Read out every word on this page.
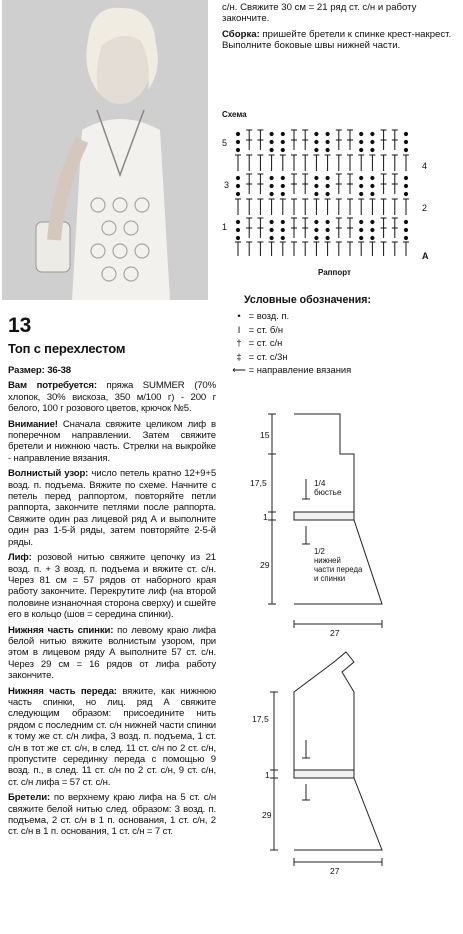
13
Топ с перехлестом

Размер: 36-38

Вам потребуется: пряжа SUMMER (70% хлопок, 30% вискоза, 350 м/100 г) - 200 г белого, 100 г розового цветов, крючок №5.

Внимание! Сначала свяжите целиком лиф в поперечном направлении. Затем свяжите бретели и нижнюю часть. Стрелки на выкройке - направление вязания.

Волнистый узор: число петель кратно 12+9+5 возд. п. подъема. Вяжите по схеме. Начните с петель перед раппортом, повторяйте петли раппорта, закончите петлями после раппорта. Свяжите один раз лицевой ряд А и выполните один раз 1-5-й ряды, затем повторяйте 2-5-й ряды.

Лиф: розовой нитью свяжите цепочку из 21 возд. п. + 3 возд. п. подъема и вяжите ст. с/н. Через 81 см = 57 рядов от наборного края работу закончите. Перекрутите лиф (на второй половине изнаночная сторона сверху) и сшейте его в кольцо (шов = середина спинки).

Нижняя часть спинки: по левому краю лифа белой нитью вяжите волнистым узором, при этом в лицевом ряду А выполните 57 ст. с/н. Через 29 см = 16 рядов от лифа работу закончите.

Нижняя часть переда: вяжите, как нижнюю часть спинки, но лиц. ряд А свяжите следующим образом: присоедините нить рядом с последним ст. с/н нижней части спинки к тому же ст. с/н лифа, 3 возд. п. подъема, 1 ст. с/н в тот же ст. с/н, в след. 11 ст. с/н по 2 ст. с/н, пропустите серединку переда с помощью 9 возд. п., в след. 11 ст. с/н по 2 ст. с/н, 9 ст. с/н, ст. с/н лифа = 57 ст. с/н.

Бретели: по верхнему краю лифа на 5 ст. с/н свяжите белой нитью след. образом: 3 возд. п. подъема, 2 ст. с/н в 1 п. основания, 1 ст. с/н, 2 ст. с/н в 1 п. основания, 1 ст. с/н = 7 ст.

с/н. Свяжите 30 см = 21 ряд ст. с/н и работу закончите.

Сборка: пришейте бретели к спинке крест-накрест. Выполните боковые швы нижней части.

Схема
5
3
1
4
2
A
Раппорт
Условные обозначения:
•
= возд. п.
I
= ст. б/н
†
= ст. с/н
‡
= ст. с/3н
⟵
= направление вязания
15
17,5
1
29
27
1/4 бюстье
1/2 нижней части переда и спинки
17,5
1
29
27
